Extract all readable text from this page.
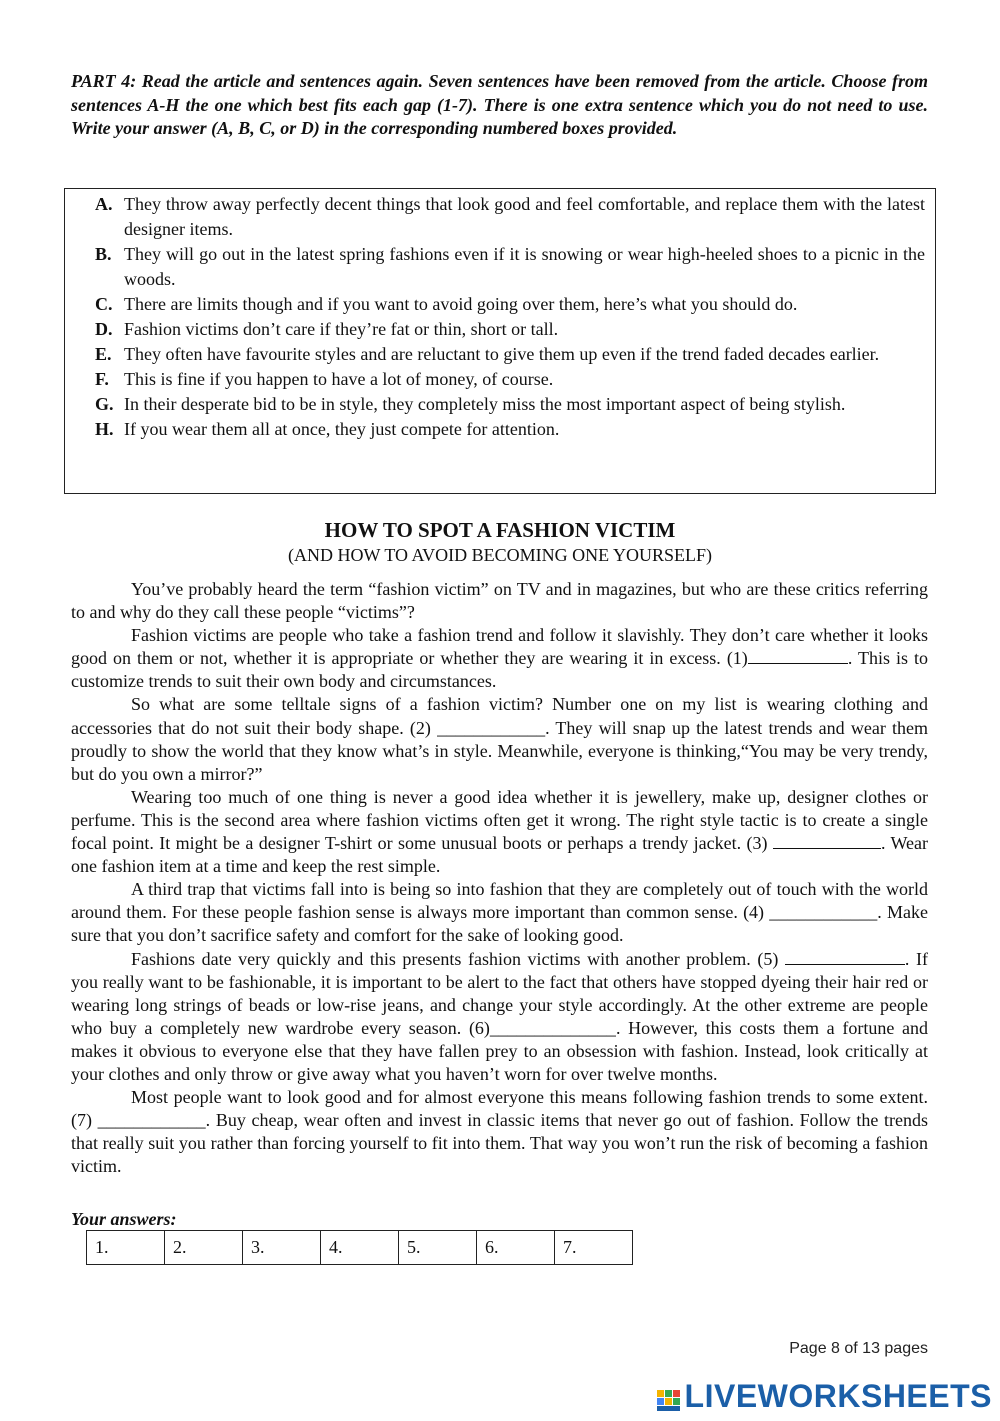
PART 4: Read the article and sentences again. Seven sentences have been removed from the article. Choose from sentences A-H the one which best fits each gap (1-7). There is one extra sentence which you do not need to use. Write your answer (A, B, C, or D) in the corresponding numbered boxes provided.

A. They throw away perfectly decent things that look good and feel comfortable, and replace them with the latest designer items.
B. They will go out in the latest spring fashions even if it is snowing or wear high-heeled shoes to a picnic in the woods.
C. There are limits though and if you want to avoid going over them, here’s what you should do.
D. Fashion victims don’t care if they’re fat or thin, short or tall.
E. They often have favourite styles and are reluctant to give them up even if the trend faded decades earlier.
F. This is fine if you happen to have a lot of money, of course.
G. In their desperate bid to be in style, they completely miss the most important aspect of being stylish.
H. If you wear them all at once, they just compete for attention.
HOW TO SPOT A FASHION VICTIM
(AND HOW TO AVOID BECOMING ONE YOURSELF)

You’ve probably heard the term “fashion victim” on TV and in magazines, but who are these critics referring to and why do they call these people “victims”?

Fashion victims are people who take a fashion trend and follow it slavishly. They don’t care whether it looks good on them or not, whether it is appropriate or whether they are wearing it in excess. (1)	. This is to customize trends to suit their own body and circumstances.

So what are some telltale signs of a fashion victim? Number one on my list is wearing clothing and accessories that do not suit their body shape. (2) ____________. They will snap up the latest trends and wear them proudly to show the world that they know what’s in style. Meanwhile, everyone is thinking,“You may be very trendy, but do you own a mirror?”

Wearing too much of one thing is never a good idea whether it is jewellery, make up, designer clothes or perfume. This is the second area where fashion victims often get it wrong. The right style tactic is to create a single focal point. It might be a designer T-shirt or some unusual boots or perhaps a trendy jacket. (3)	. Wear one fashion item at a time and keep the rest simple.

A third trap that victims fall into is being so into fashion that they are completely out of touch with the world around them. For these people fashion sense is always more important than common sense. (4) ____________. Make sure that you don’t sacrifice safety and comfort for the sake of looking good.

Fashions date very quickly and this presents fashion victims with another problem. (5)	. If you really want to be fashionable, it is important to be alert to the fact that others have stopped dyeing their hair red or wearing long strings of beads or low-rise jeans, and change your style accordingly. At the other extreme are people who buy a completely new wardrobe every season. (6)______________. However, this costs them a fortune and makes it obvious to everyone else that they have fallen prey to an obsession with fashion. Instead, look critically at your clothes and only throw or give away what you haven’t worn for over twelve months.

Most people want to look good and for almost everyone this means following fashion trends to some extent. (7) ____________. Buy cheap, wear often and invest in classic items that never go out of fashion. Follow the trends that really suit you rather than forcing yourself to fit into them. That way you won’t run the risk of becoming a fashion victim.

Your answers:
1.	2.	3.	4.	5.	6.	7.
Page 8 of 13 pages
LIVEWORKSHEETS
